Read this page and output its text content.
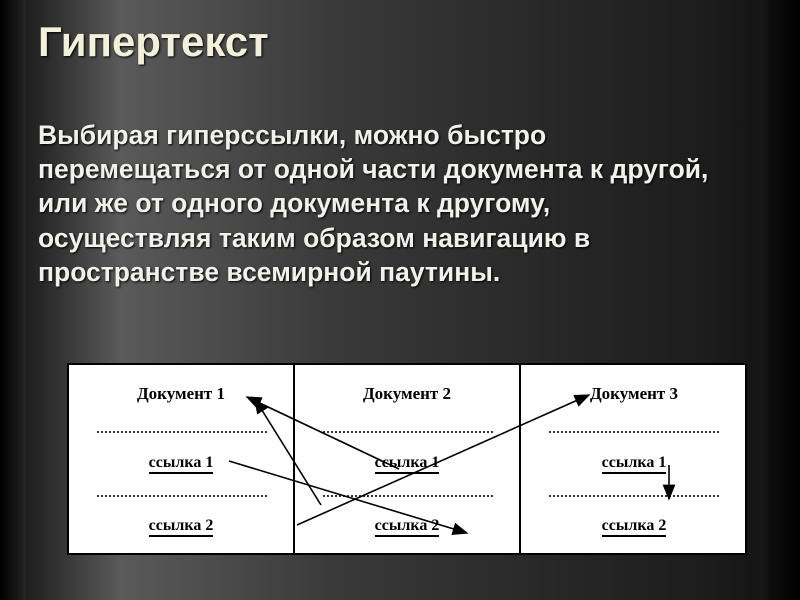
Гипертекст
Выбирая гиперссылки, можно быстро перемещаться от одной части документа к другой, или же от одного документа к другому, осуществляя таким образом навигацию в пространстве всемирной паутины.
Документ 1
ссылка 1
ссылка 2
Документ 2
ссылка 1
ссылка 2
Документ 3
ссылка 1
ссылка 2
